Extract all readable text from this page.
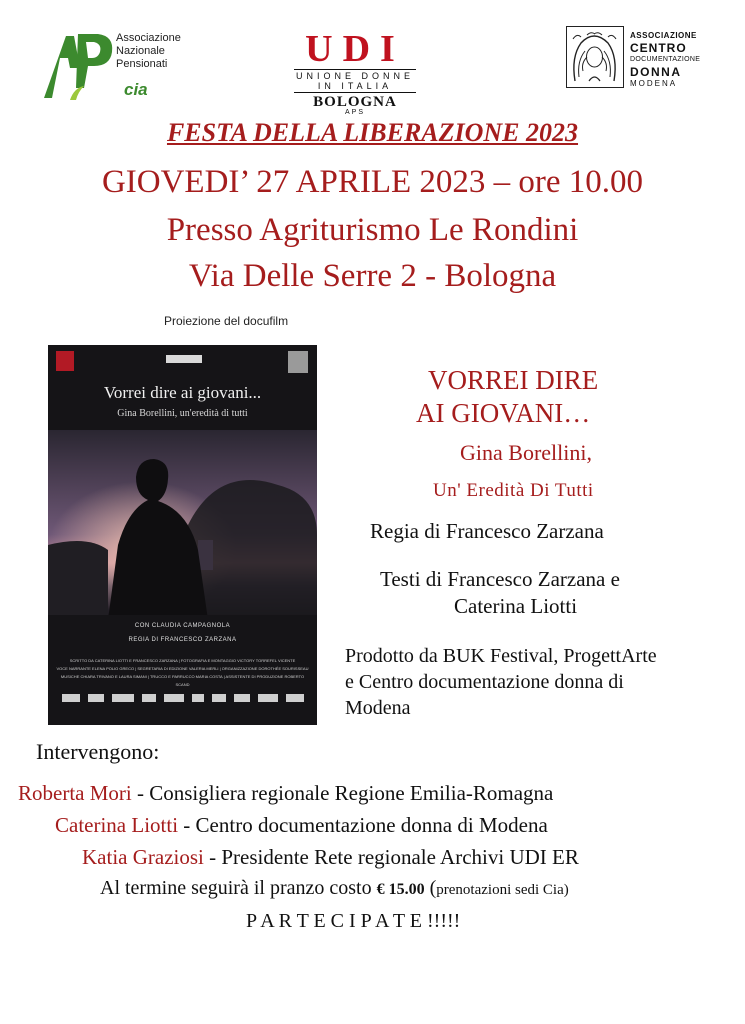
Associazione
Nazionale
Pensionati
cia
UDI
UNIONE DONNE
IN ITALIA
BOLOGNA
APS
ASSOCIAZIONE
CENTRO
DOCUMENTAZIONE
DONNA
MODENA
FESTA DELLA LIBERAZIONE 2023
GIOVEDI’ 27 APRILE 2023 – ore 10.00
Presso Agriturismo Le Rondini
Via Delle Serre 2 - Bologna
Proiezione del docufilm
Vorrei dire ai giovani...
Gina Borellini, un'eredità di tutti
CON CLAUDIA CAMPAGNOLA
REGIA DI FRANCESCO ZARZANA
SCRITTO DA CATERINA LIOTTI E FRANCESCO ZARZANA | FOTOGRAFIA E MONTAGGIO VICTORY TORREFEL VICENTE
VOCE NARRANTE ELENA POLIO GRECO | SEGRETARIA DI EDIZIONE VALERIA MERLI | ORGANIZZAZIONE DOROTHÉE SOURISSEAU
MUSICHE CHIARA TRIVANO E LAURA SIMANI | TRUCCO E PARRUCCO MARIA COSTA | ASSISTENTE DI PRODUZIONE ROBERTO SCAND
VORREI DIRE
AI GIOVANI…
Gina Borellini,
Un' Eredità Di Tutti
Regia di Francesco Zarzana
Testi di Francesco Zarzana e
Caterina Liotti
Prodotto da BUK Festival, ProgettArte
e Centro documentazione donna di
Modena
Intervengono:
Roberta Mori - Consigliera regionale Regione Emilia-Romagna
Caterina Liotti - Centro documentazione donna di Modena
Katia Graziosi - Presidente Rete regionale Archivi UDI ER
Al termine seguirà il pranzo costo € 15.00 (prenotazioni sedi Cia)
P A R T E C I P A T E !!!!!
